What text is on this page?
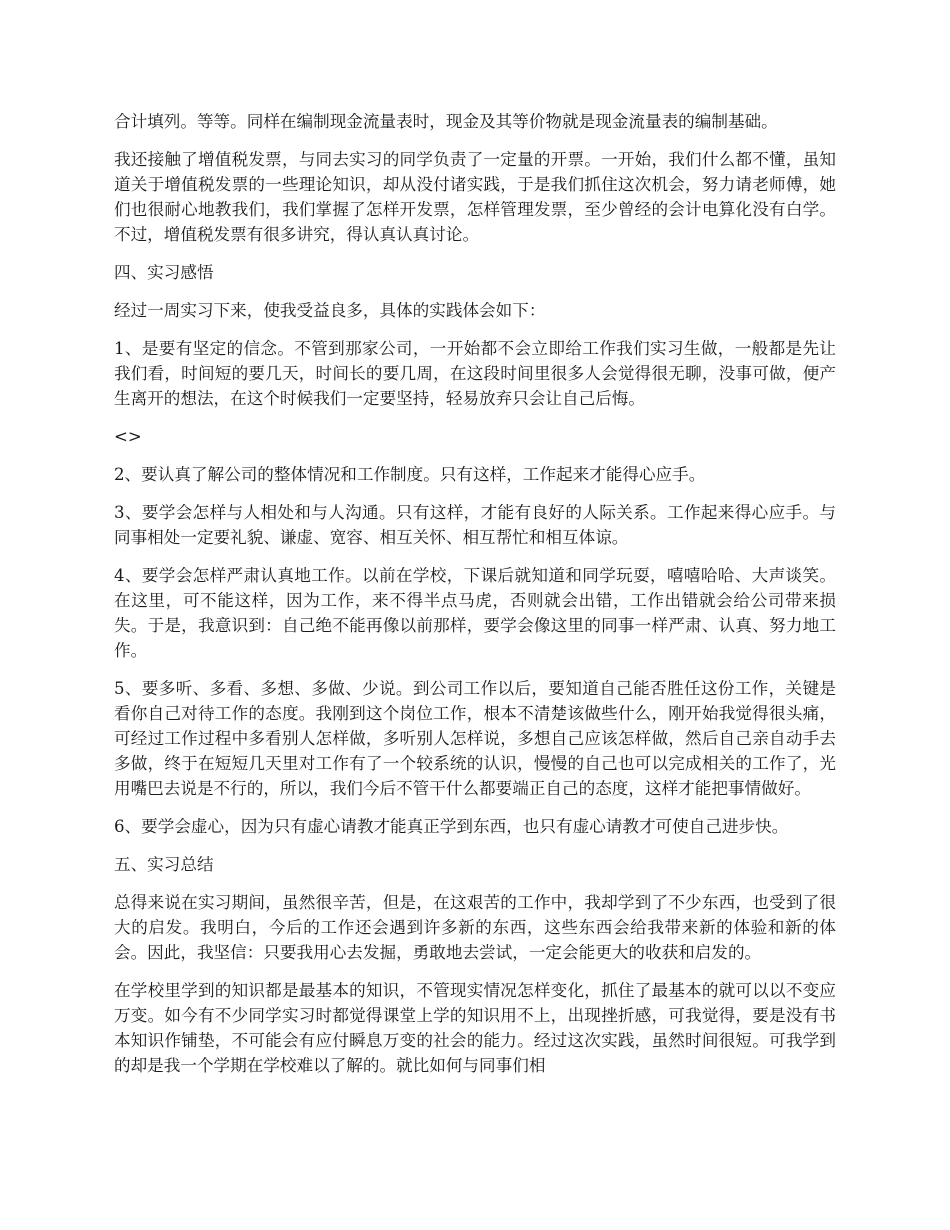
合计填列。等等。同样在编制现金流量表时，现金及其等价物就是现金流量表的编制基础。

我还接触了增值税发票，与同去实习的同学负责了一定量的开票。一开始，我们什么都不懂，虽知道关于增值税发票的一些理论知识，却从没付诸实践，于是我们抓住这次机会，努力请老师傅，她们也很耐心地教我们，我们掌握了怎样开发票，怎样管理发票，至少曾经的会计电算化没有白学。不过，增值税发票有很多讲究，得认真认真讨论。

四、实习感悟

经过一周实习下来，使我受益良多，具体的实践体会如下：

1、是要有坚定的信念。不管到那家公司，一开始都不会立即给工作我们实习生做，一般都是先让我们看，时间短的要几天，时间长的要几周，在这段时间里很多人会觉得很无聊，没事可做，便产生离开的想法，在这个时候我们一定要坚持，轻易放弃只会让自己后悔。

<>

2、要认真了解公司的整体情况和工作制度。只有这样，工作起来才能得心应手。

3、要学会怎样与人相处和与人沟通。只有这样，才能有良好的人际关系。工作起来得心应手。与同事相处一定要礼貌、谦虚、宽容、相互关怀、相互帮忙和相互体谅。

4、要学会怎样严肃认真地工作。以前在学校，下课后就知道和同学玩耍，嘻嘻哈哈、大声谈笑。在这里，可不能这样，因为工作，来不得半点马虎，否则就会出错，工作出错就会给公司带来损失。于是，我意识到：自己绝不能再像以前那样，要学会像这里的同事一样严肃、认真、努力地工作。

5、要多听、多看、多想、多做、少说。到公司工作以后，要知道自己能否胜任这份工作，关键是看你自己对待工作的态度。我刚到这个岗位工作，根本不清楚该做些什么，刚开始我觉得很头痛，可经过工作过程中多看别人怎样做，多听别人怎样说，多想自己应该怎样做，然后自己亲自动手去多做，终于在短短几天里对工作有了一个较系统的认识，慢慢的自己也可以完成相关的工作了，光用嘴巴去说是不行的，所以，我们今后不管干什么都要端正自己的态度，这样才能把事情做好。

6、要学会虚心，因为只有虚心请教才能真正学到东西，也只有虚心请教才可使自己进步快。

五、实习总结

总得来说在实习期间，虽然很辛苦，但是，在这艰苦的工作中，我却学到了不少东西，也受到了很大的启发。我明白，今后的工作还会遇到许多新的东西，这些东西会给我带来新的体验和新的体会。因此，我坚信：只要我用心去发掘，勇敢地去尝试，一定会能更大的收获和启发的。

在学校里学到的知识都是最基本的知识，不管现实情况怎样变化，抓住了最基本的就可以以不变应万变。如今有不少同学实习时都觉得课堂上学的知识用不上，出现挫折感，可我觉得，要是没有书本知识作铺垫，不可能会有应付瞬息万变的社会的能力。经过这次实践，虽然时间很短。可我学到的却是我一个学期在学校难以了解的。就比如何与同事们相
